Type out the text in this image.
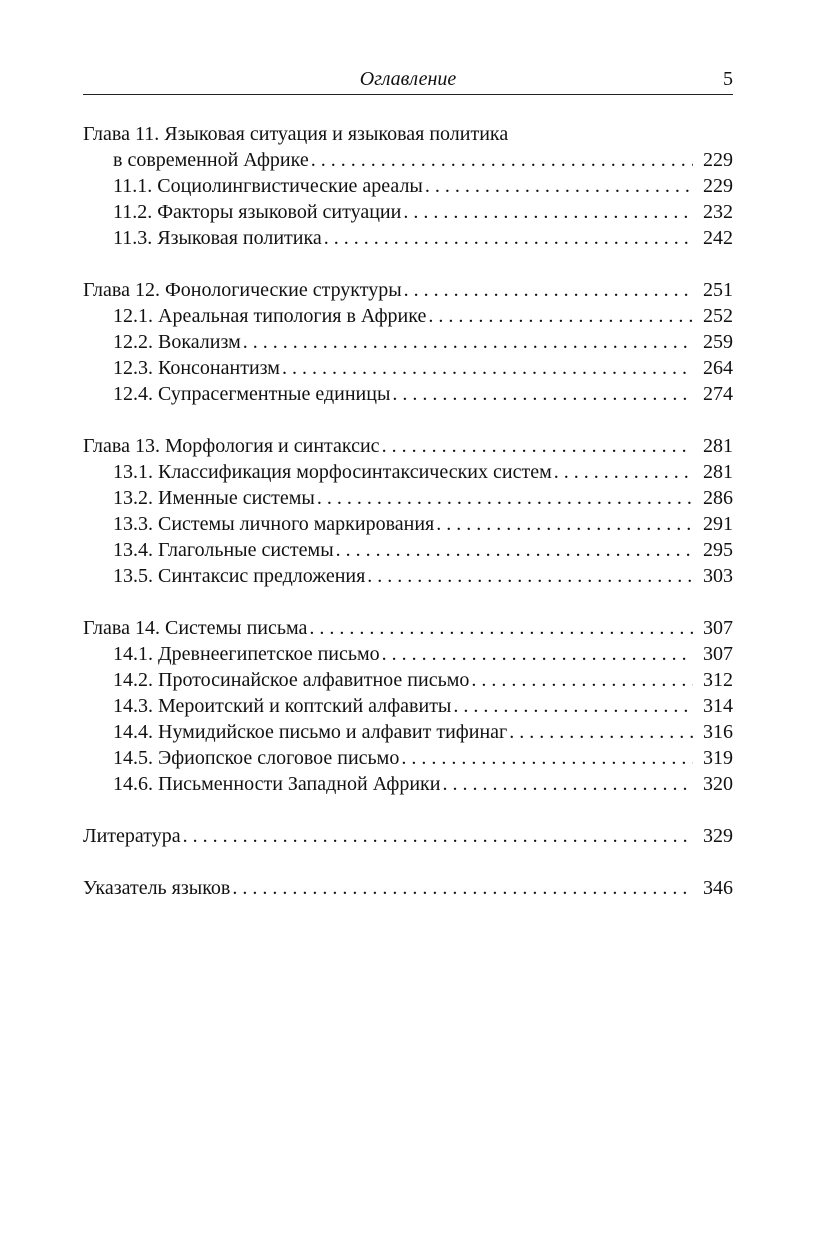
Оглавление	5
Глава 11. Языковая ситуация и языковая политика
в современной Африке . . .	229
11.1. Социолингвистические ареалы . . .	229
11.2. Факторы языковой ситуации . . .	232
11.3. Языковая политика . . .	242
Глава 12. Фонологические структуры . . .	251
12.1. Ареальная типология в Африке . . .	252
12.2. Вокализм . . .	259
12.3. Консонантизм . . .	264
12.4. Супрасегментные единицы . . .	274
Глава 13. Морфология и синтаксис . . .	281
13.1. Классификация морфосинтаксических систем . . .	281
13.2. Именные системы . . .	286
13.3. Системы личного маркирования . . .	291
13.4. Глагольные системы . . .	295
13.5. Синтаксис предложения . . .	303
Глава 14. Системы письма . . .	307
14.1. Древнеегипетское письмо . . .	307
14.2. Протосинайское алфавитное письмо . . .	312
14.3. Мероитский и коптский алфавиты . . .	314
14.4. Нумидийское письмо и алфавит тифинаг . . .	316
14.5. Эфиопское слоговое письмо . . .	319
14.6. Письменности Западной Африки . . .	320
Литература . . .	329
Указатель языков . . .	346
